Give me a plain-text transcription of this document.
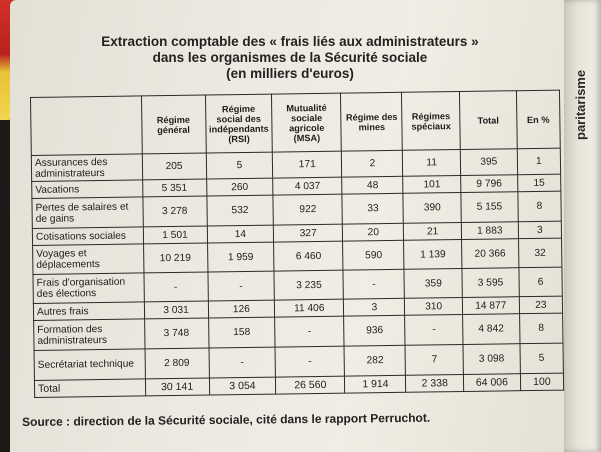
paritarisme
Extraction comptable des « frais liés aux administrateurs »
dans les organismes de la Sécurité sociale
(en milliers d'euros)
	Régime général	Régime social des indépendants (RSI)	Mutualité sociale agricole (MSA)	Régime des mines	Régimes spéciaux	Total	En %
Assurances des administrateurs	205	5	171	2	11	395	1
Vacations	5 351	260	4 037	48	101	9 796	15
Pertes de salaires et de gains	3 278	532	922	33	390	5 155	8
Cotisations sociales	1 501	14	327	20	21	1 883	3
Voyages et déplacements	10 219	1 959	6 460	590	1 139	20 366	32
Frais d'organisation des élections	-	-	3 235	-	359	3 595	6
Autres frais	3 031	126	11 406	3	310	14 877	23
Formation des administrateurs	3 748	158	-	936	-	4 842	8
Secrétariat technique	2 809	-	-	282	7	3 098	5
Total	30 141	3 054	26 560	1 914	2 338	64 006	100
Source : direction de la Sécurité sociale, cité dans le rapport Perruchot.
